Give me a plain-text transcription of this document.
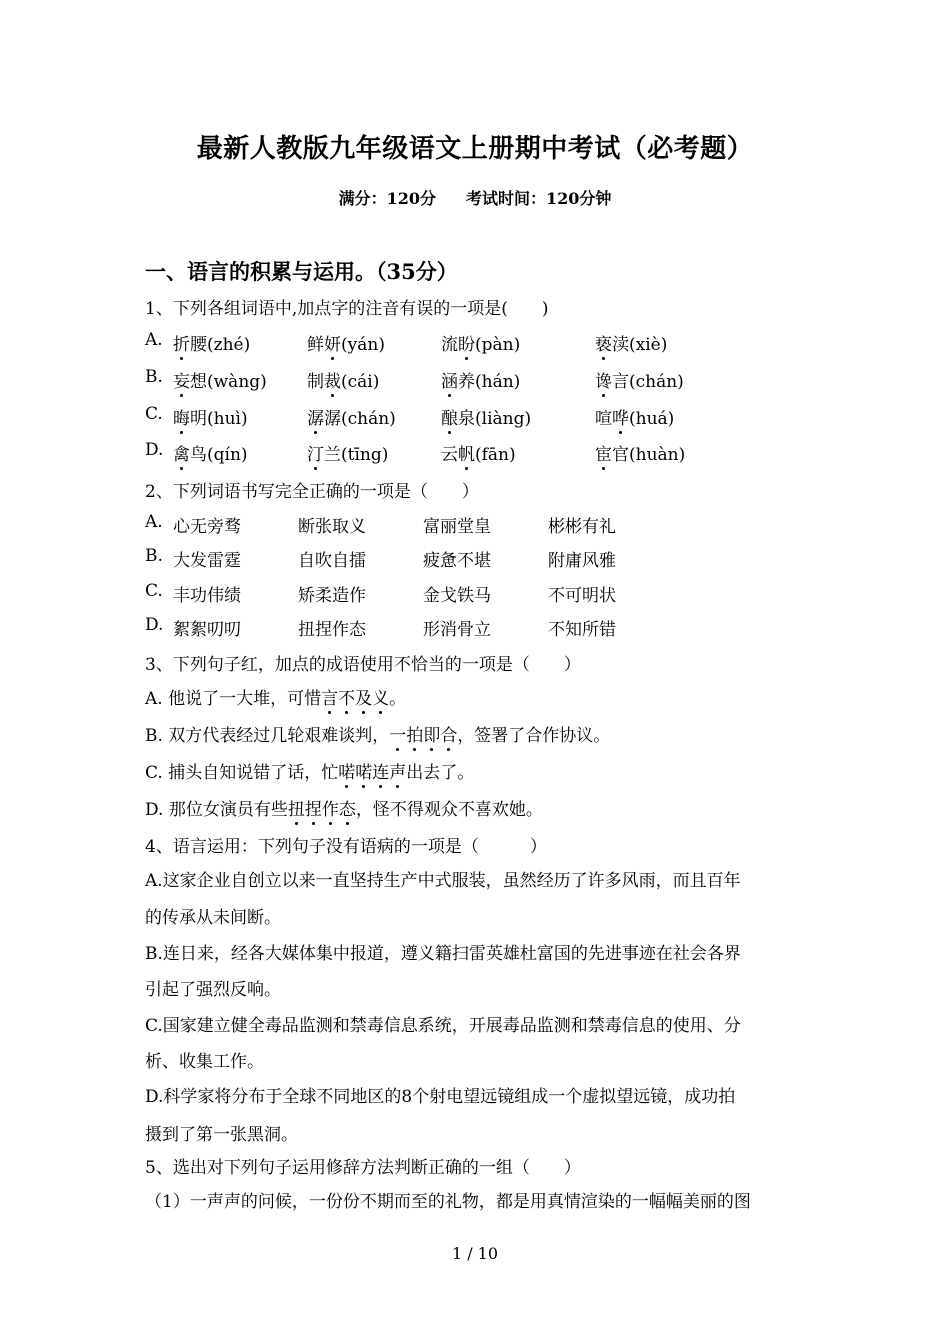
最新人教版九年级语文上册期中考试（必考题）
满分：120分 考试时间：120分钟
一、语言的积累与运用。（35分）
1、下列各组词语中,加点字的注音有误的一项是(　　)
A. 折腰(zhé)	鲜妍(yán)	流盼(pàn)	亵渎(xiè)
B. 妄想(wàng) 制裁(cái)	涵养(hán)	谗言(chán)
C. 晦明(huì)	潺潺(chán)	酿泉(liàng)	喧哗(huá)
D. 禽鸟(qín)	汀兰(tīng)	云帆(fān)	宦官(huàn)
2、下列词语书写完全正确的一项是（　　）
A. 心无旁骛	断张取义	富丽堂皇	彬彬有礼
B. 大发雷霆	自吹自擂	疲惫不堪	附庸风雅
C. 丰功伟绩	矫柔造作	金戈铁马	不可明状
D. 絮絮叨叨	扭捏作态	形消骨立	不知所错
3、下列句子红，加点的成语使用不恰当的一项是（　　）
A. 他说了一大堆，可惜言不及义。
B. 双方代表经过几轮艰难谈判，一拍即合，签署了合作协议。
C. 捕头自知说错了话，忙喏喏连声出去了。
D. 那位女演员有些扭捏作态，怪不得观众不喜欢她。
4、语言运用：下列句子没有语病的一项是（　　　）
A.这家企业自创立以来一直坚持生产中式服装，虽然经历了许多风雨，而且百年
的传承从未间断。
B.连日来，经各大媒体集中报道，遵义籍扫雷英雄杜富国的先进事迹在社会各界
引起了强烈反响。
C.国家建立健全毒品监测和禁毒信息系统，开展毒品监测和禁毒信息的使用、分
析、收集工作。
D.科学家将分布于全球不同地区的8个射电望远镜组成一个虚拟望远镜，成功拍
摄到了第一张黑洞。
5、选出对下列句子运用修辞方法判断正确的一组（　　）
（1）一声声的问候，一份份不期而至的礼物，都是用真情渲染的一幅幅美丽的图
1 / 10
